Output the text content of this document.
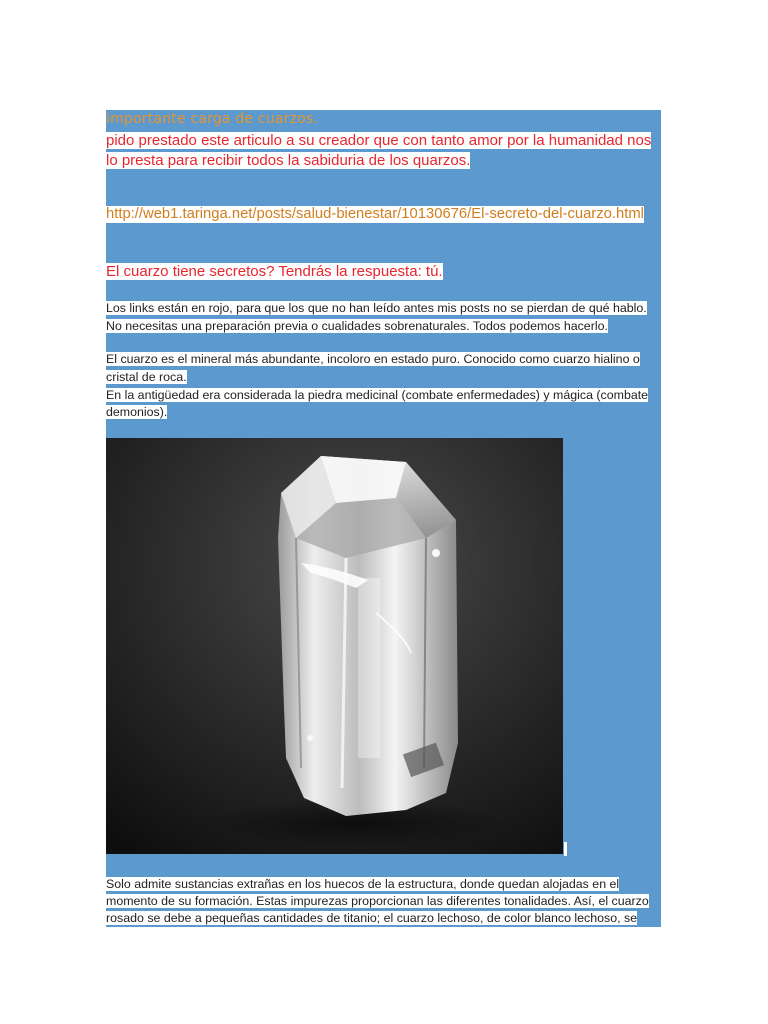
importante carga de cuarzos.
pido prestado este articulo a su creador que con tanto amor por la humanidad nos
lo presta para recibir todos la sabiduria de los quarzos.
http://web1.taringa.net/posts/salud-bienestar/10130676/El-secreto-del-cuarzo.html
El cuarzo tiene secretos? Tendrás la respuesta: tú.
Los links están en rojo, para que los que no han leído antes mis posts no se pierdan de qué hablo.
No necesitas una preparación previa o cualidades sobrenaturales. Todos podemos hacerlo.
El cuarzo es el mineral más abundante, incoloro en estado puro. Conocido como cuarzo hialino o
cristal de roca.
En la antigüedad era considerada la piedra medicinal (combate enfermedades) y mágica (combate
demonios).
Solo admite sustancias extrañas en los huecos de la estructura, donde quedan alojadas en el
momento de su formación. Estas impurezas proporcionan las diferentes tonalidades. Así, el cuarzo
rosado se debe a pequeñas cantidades de titanio; el cuarzo lechoso, de color blanco lechoso, se
